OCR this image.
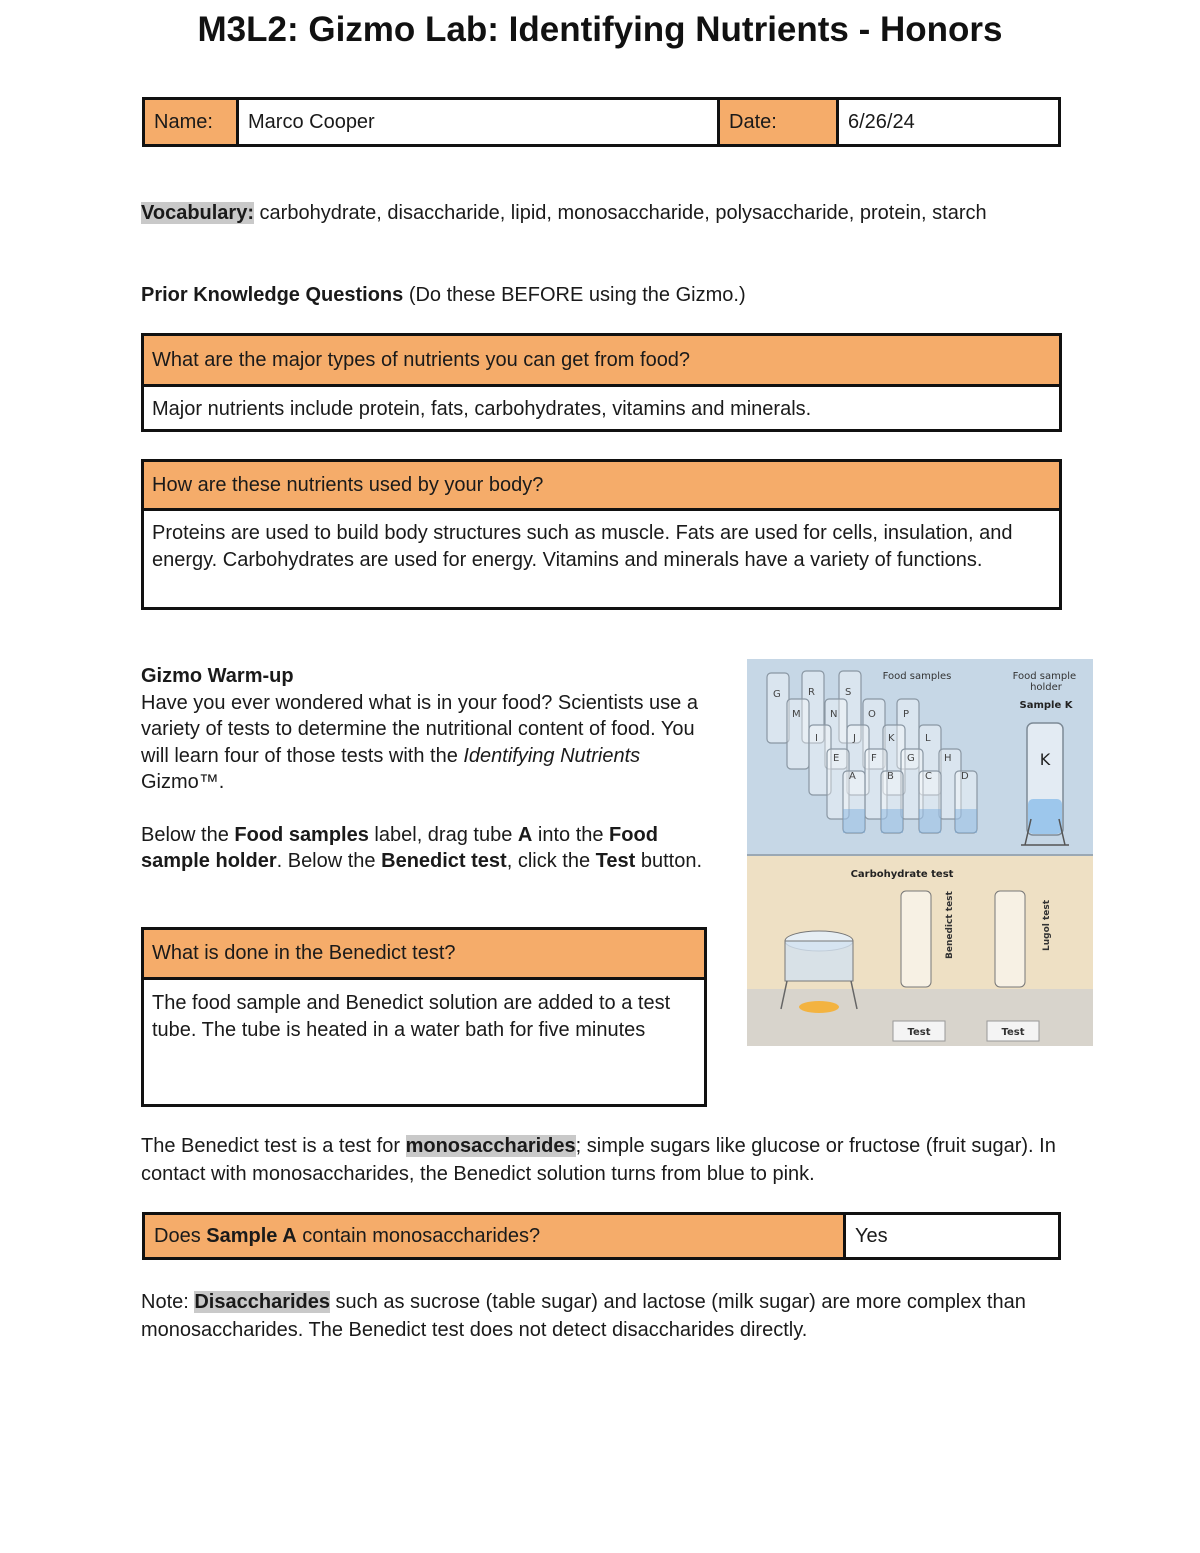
M3L2: Gizmo Lab: Identifying Nutrients - Honors
Name:	Marco Cooper	Date:	6/26/24
Vocabulary: carbohydrate, disaccharide, lipid, monosaccharide, polysaccharide, protein, starch
Prior Knowledge Questions (Do these BEFORE using the Gizmo.)
What are the major types of nutrients you can get from food?
Major nutrients include protein, fats, carbohydrates, vitamins and minerals.
How are these nutrients used by your body?
Proteins are used to build body structures such as muscle. Fats are used for cells, insulation, and energy. Carbohydrates are used for energy. Vitamins and minerals have a variety of functions.
Gizmo Warm-up
Have you ever wondered what is in your food? Scientists use a variety of tests to determine the nutritional content of food. You will learn four of those tests with the Identifying Nutrients Gizmo™.
Below the Food samples label, drag tube A into the Food sample holder. Below the Benedict test, click the Test button.
What is done in the Benedict test?
The food sample and Benedict solution are added to a test tube. The tube is heated in a water bath for five minutes
G	R	S
M	N	O	P
I	J	K	L
E	F	G	H
A	B	C	D
Food samples	Food sample holder
Sample K
K
Carbohydrate test
Benedict test	Lugol test
Test	Test
The Benedict test is a test for monosaccharides; simple sugars like glucose or fructose (fruit sugar). In contact with monosaccharides, the Benedict solution turns from blue to pink.
Does Sample A contain monosaccharides?	Yes
Note: Disaccharides such as sucrose (table sugar) and lactose (milk sugar) are more complex than monosaccharides. The Benedict test does not detect disaccharides directly.
